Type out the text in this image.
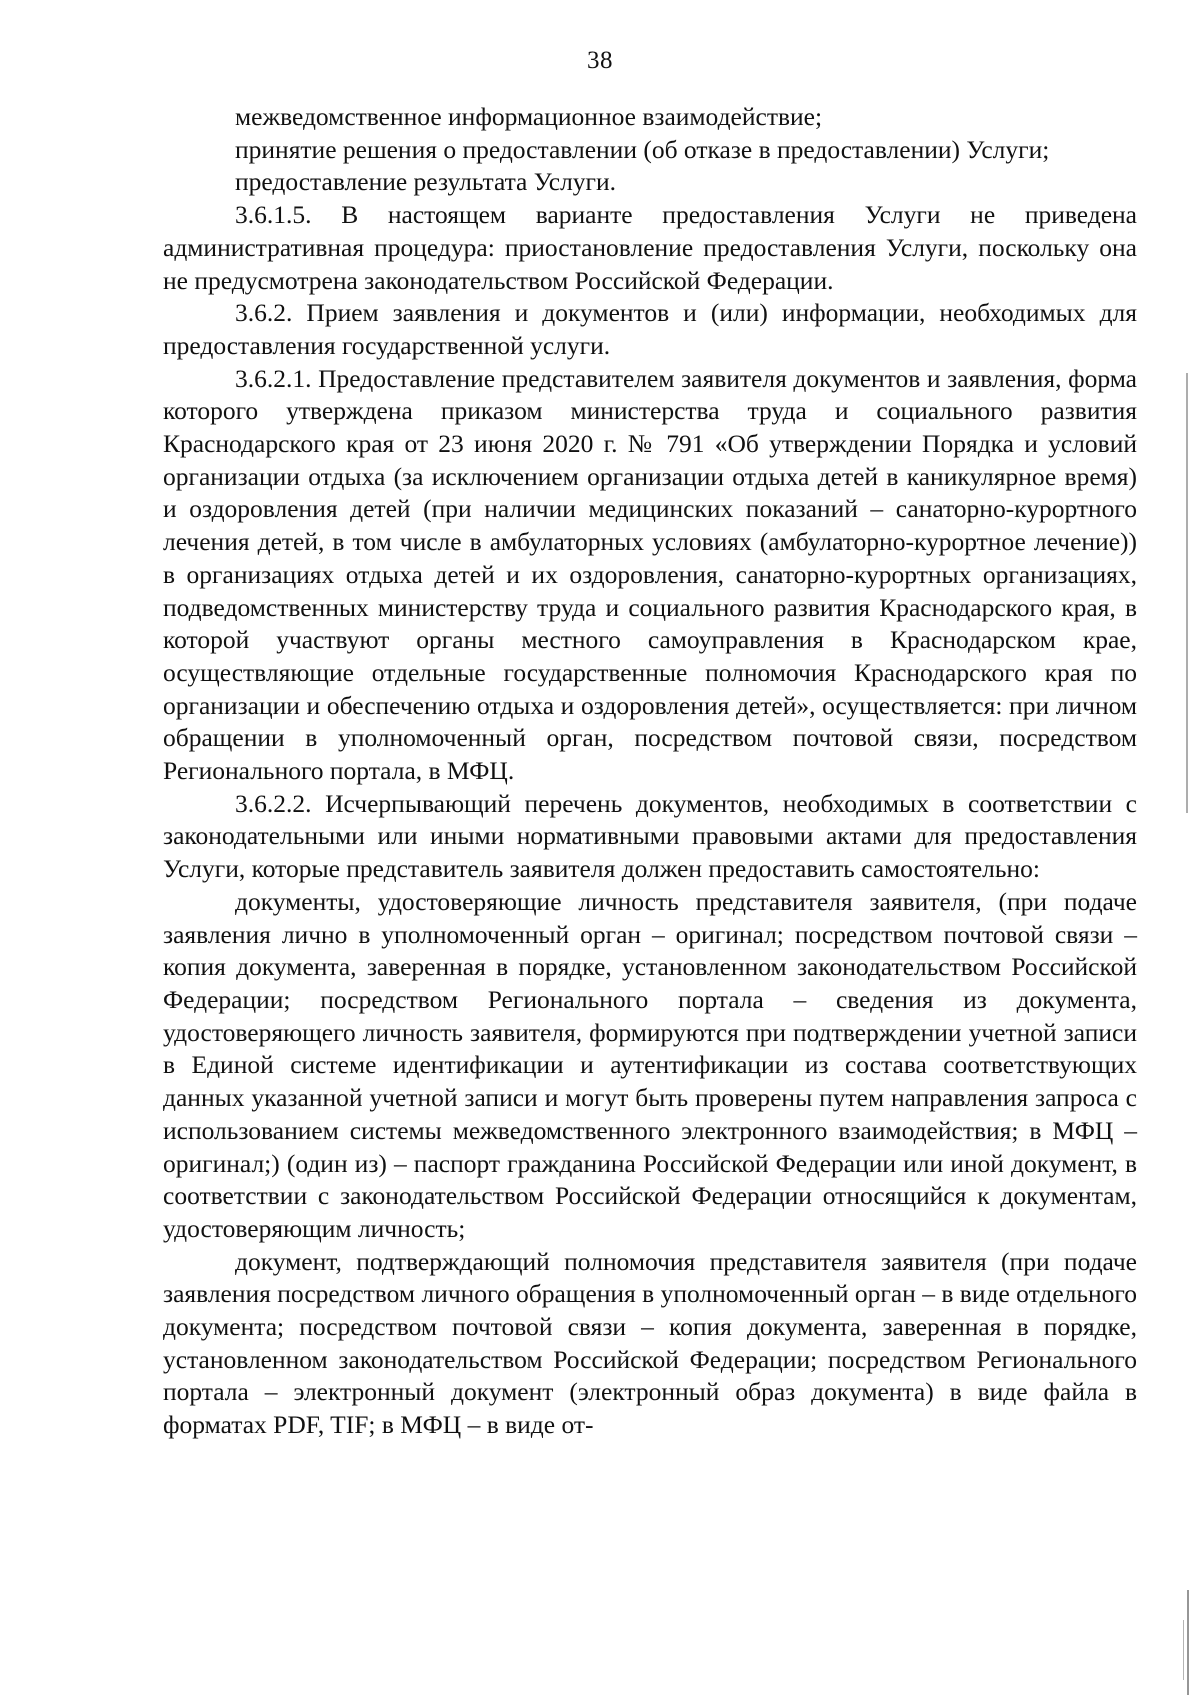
38

межведомственное информационное взаимодействие;

принятие решения о предоставлении (об отказе в предоставлении) Услуги;

предоставление результата Услуги.

3.6.1.5. В настоящем варианте предоставления Услуги не приведена административная процедура: приостановление предоставления Услуги, поскольку она не предусмотрена законодательством Российской Федерации.

3.6.2. Прием заявления и документов и (или) информации, необходимых для предоставления государственной услуги.

3.6.2.1. Предоставление представителем заявителя документов и заявления, форма которого утверждена приказом министерства труда и социального развития Краснодарского края от 23 июня 2020 г. № 791 «Об утверждении Порядка и условий организации отдыха (за исключением организации отдыха детей в каникулярное время) и оздоровления детей (при наличии медицинских показаний – санаторно-курортного лечения детей, в том числе в амбулаторных условиях (амбулаторно-курортное лечение)) в организациях отдыха детей и их оздоровления, санаторно-курортных организациях, подведомственных министерству труда и социального развития Краснодарского края, в которой участвуют органы местного самоуправления в Краснодарском крае, осуществляющие отдельные государственные полномочия Краснодарского края по организации и обеспечению отдыха и оздоровления детей», осуществляется: при личном обращении в уполномоченный орган, посредством почтовой связи, посредством Регионального портала, в МФЦ.

3.6.2.2. Исчерпывающий перечень документов, необходимых в соответствии с законодательными или иными нормативными правовыми актами для предоставления Услуги, которые представитель заявителя должен предоставить самостоятельно:

документы, удостоверяющие личность представителя заявителя, (при подаче заявления лично в уполномоченный орган – оригинал; посредством почтовой связи – копия документа, заверенная в порядке, установленном законодательством Российской Федерации; посредством Регионального портала – сведения из документа, удостоверяющего личность заявителя, формируются при подтверждении учетной записи в Единой системе идентификации и аутентификации из состава соответствующих данных указанной учетной записи и могут быть проверены путем направления запроса с использованием системы межведомственного электронного взаимодействия; в МФЦ – оригинал;) (один из) – паспорт гражданина Российской Федерации или иной документ, в соответствии с законодательством Российской Федерации относящийся к документам, удостоверяющим личность;

документ, подтверждающий полномочия представителя заявителя (при подаче заявления посредством личного обращения в уполномоченный орган – в виде отдельного документа; посредством почтовой связи – копия документа, заверенная в порядке, установленном законодательством Российской Федерации; посредством Регионального портала – электронный документ (электронный образ документа) в виде файла в форматах PDF, TIF; в МФЦ – в виде от-
